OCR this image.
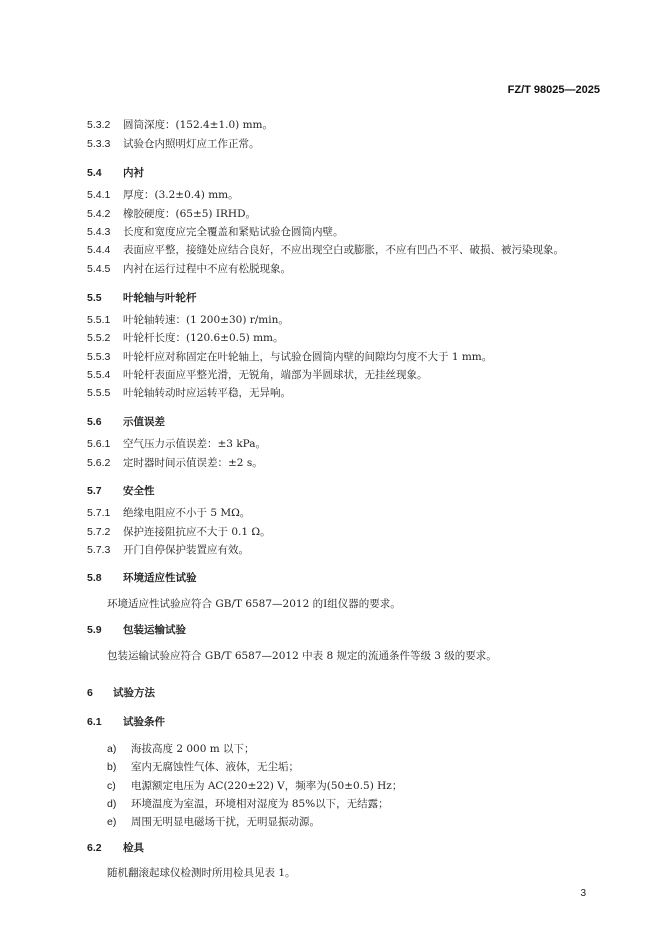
FZ/T 98025—2025
5.3.2 圆筒深度：(152.4±1.0) mm。
5.3.3 试验仓内照明灯应工作正常。
5.4 内衬
5.4.1 厚度：(3.2±0.4) mm。
5.4.2 橡胶硬度：(65±5) IRHD。
5.4.3 长度和宽度应完全覆盖和紧贴试验仓圆筒内壁。
5.4.4 表面应平整，接缝处应结合良好，不应出现空白或膨胀，不应有凹凸不平、破损、被污染现象。
5.4.5 内衬在运行过程中不应有松脱现象。
5.5 叶轮轴与叶轮杆
5.5.1 叶轮轴转速：(1 200±30) r/min。
5.5.2 叶轮杆长度：(120.6±0.5) mm。
5.5.3 叶轮杆应对称固定在叶轮轴上，与试验仓圆筒内壁的间隙均匀度不大于 1 mm。
5.5.4 叶轮杆表面应平整光滑，无锐角，端部为半圆球状，无挂丝现象。
5.5.5 叶轮轴转动时应运转平稳，无异响。
5.6 示值误差
5.6.1 空气压力示值误差：±3 kPa。
5.6.2 定时器时间示值误差：±2 s。
5.7 安全性
5.7.1 绝缘电阻应不小于 5 MΩ。
5.7.2 保护连接阻抗应不大于 0.1 Ω。
5.7.3 开门自停保护装置应有效。
5.8 环境适应性试验
环境适应性试验应符合 GB/T 6587—2012 的Ⅰ组仪器的要求。
5.9 包装运输试验
包装运输试验应符合 GB/T 6587—2012 中表 8 规定的流通条件等级 3 级的要求。
6 试验方法
6.1 试验条件
a) 海拔高度 2 000 m 以下；
b) 室内无腐蚀性气体、液体，无尘垢；
c) 电源额定电压为 AC(220±22) V，频率为(50±0.5) Hz；
d) 环境温度为室温，环境相对湿度为 85%以下，无结露；
e) 周围无明显电磁场干扰，无明显振动源。
6.2 检具
随机翻滚起球仪检测时所用检具见表 1。
3
